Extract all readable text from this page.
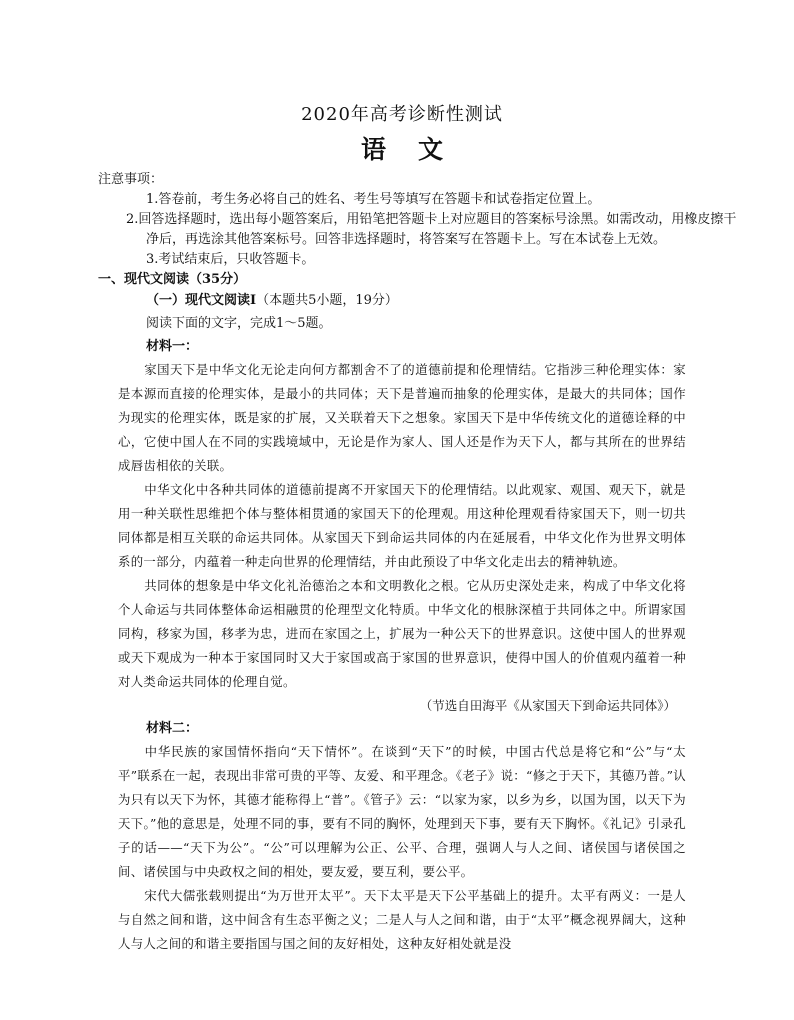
2020年高考诊断性测试

语文

注意事项：

1.答卷前，考生务必将自己的姓名、考生号等填写在答题卡和试卷指定位置上。

2.回答选择题时，选出每小题答案后，用铅笔把答题卡上对应题目的答案标号涂黑。如需改动，用橡皮擦干净后，再选涂其他答案标号。回答非选择题时，将答案写在答题卡上。写在本试卷上无效。

3.考试结束后，只收答题卡。

一、现代文阅读（35分）

（一）现代文阅读Ⅰ（本题共5小题，19分）

阅读下面的文字，完成1～5题。

材料一：

家国天下是中华文化无论走向何方都割舍不了的道德前提和伦理情结。它指涉三种伦理实体：家是本源而直接的伦理实体，是最小的共同体；天下是普遍而抽象的伦理实体，是最大的共同体；国作为现实的伦理实体，既是家的扩展，又关联着天下之想象。家国天下是中华传统文化的道德诠释的中心，它使中国人在不同的实践境域中，无论是作为家人、国人还是作为天下人，都与其所在的世界结成唇齿相依的关联。

中华文化中各种共同体的道德前提离不开家国天下的伦理情结。以此观家、观国、观天下，就是用一种关联性思维把个体与整体相贯通的家国天下的伦理观。用这种伦理观看待家国天下，则一切共同体都是相互关联的命运共同体。从家国天下到命运共同体的内在延展看，中华文化作为世界文明体系的一部分，内蕴着一种走向世界的伦理情结，并由此预设了中华文化走出去的精神轨迹。

共同体的想象是中华文化礼治德治之本和文明教化之根。它从历史深处走来，构成了中华文化将个人命运与共同体整体命运相融贯的伦理型文化特质。中华文化的根脉深植于共同体之中。所谓家国同构，移家为国，移孝为忠，进而在家国之上，扩展为一种公天下的世界意识。这使中国人的世界观或天下观成为一种本于家国同时又大于家国或高于家国的世界意识，使得中国人的价值观内蕴着一种对人类命运共同体的伦理自觉。

（节选自田海平《从家国天下到命运共同体》）

材料二：

中华民族的家国情怀指向“天下情怀”。在谈到“天下”的时候，中国古代总是将它和“公”与“太平”联系在一起，表现出非常可贵的平等、友爱、和平理念。《老子》说：“修之于天下，其德乃普。”认为只有以天下为怀，其德才能称得上“普”。《管子》云：“以家为家，以乡为乡，以国为国，以天下为天下。”他的意思是，处理不同的事，要有不同的胸怀，处理到天下事，要有天下胸怀。《礼记》引录孔子的话——“天下为公”。“公”可以理解为公正、公平、合理，强调人与人之间、诸侯国与诸侯国之间、诸侯国与中央政权之间的相处，要友爱，要互利，要公平。

宋代大儒张载则提出“为万世开太平”。天下太平是天下公平基础上的提升。太平有两义：一是人与自然之间和谐，这中间含有生态平衡之义；二是人与人之间和谐，由于“太平”概念视界阔大，这种人与人之间的和谐主要指国与国之间的友好相处，这种友好相处就是没
